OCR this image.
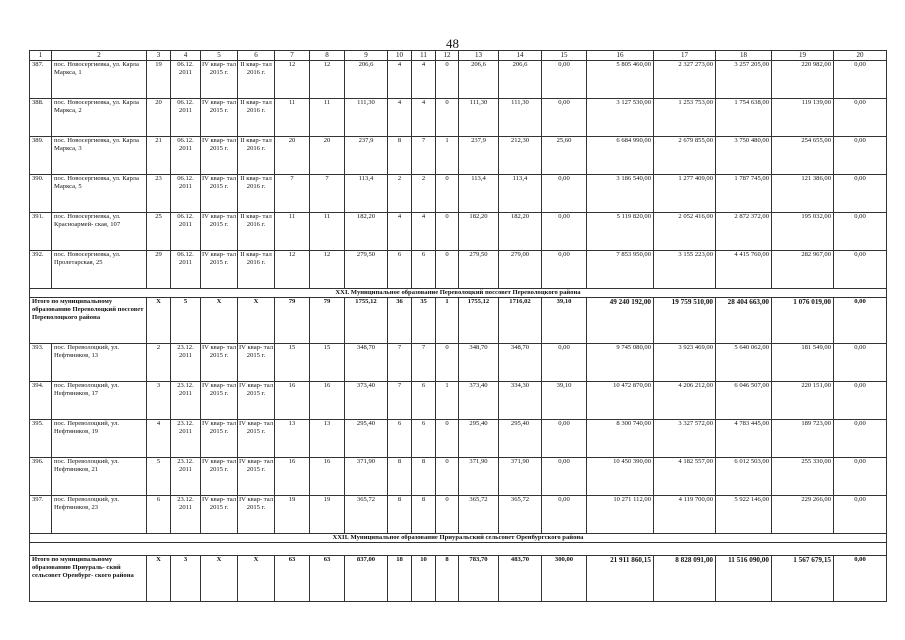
48
1	2	3	4	5	6	7	8	9	10	11	12	13	14	15	16	17	18	19	20
387.	пос. Новосергиевка, ул. Карла Маркса, 1	19	06.12. 2011	IV квар- тал 2015 г.	II квар- тал 2016 г.	12	12	206,6	4	4	0	206,6	206,6	0,00	5 805 460,00	2 327 273,00	3 257 205,00	220 982,00	0,00
388.	пос. Новосергиевка, ул. Карла Маркса, 2	20	06.12. 2011	IV квар- тал 2015 г.	II квар- тал 2016 г.	11	11	111,30	4	4	0	111,30	111,30	0,00	3 127 530,00	1 253 753,00	1 754 638,00	119 139,00	0,00
389.	пос. Новосергиевка, ул. Карла Маркса, 3	21	06.12. 2011	IV квар- тал 2015 г.	II квар- тал 2016 г.	20	20	237,9	8	7	1	237,9	212,30	25,60	6 684 990,00	2 679 855,00	3 750 480,00	254 655,00	0,00
390.	пос. Новосергиевка, ул. Карла Маркса, 5	23	06.12. 2011	IV квар- тал 2015 г.	II квар- тал 2016 г.	7	7	113,4	2	2	0	113,4	113,4	0,00	3 186 540,00	1 277 409,00	1 787 745,00	121 386,00	0,00
391.	пос. Новосергиевка, ул. Красноармей- ская, 107	25	06.12. 2011	IV квар- тал 2015 г.	II квар- тал 2016 г.	11	11	182,20	4	4	0	182,20	182,20	0,00	5 119 820,00	2 052 416,00	2 872 372,00	195 032,00	0,00
392.	пос. Новосергиевка, ул. Пролетарская, 25	29	06.12. 2011	IV квар- тал 2015 г.	II квар- тал 2016 г.	12	12	279,50	6	6	0	279,50	279,00	0,00	7 853 950,00	3 155 223,00	4 415 760,00	282 967,00	0,00
XXI. Муниципальное образование Переволоцкий поссовет Переволоцкого района																			
Итого по муниципальному образованию Переволоцкий поссовет Переволоцкого района		X	5	X	X	79	79	1755,12	36	35	1	1755,12	1716,02	39,10	49 240 192,00	19 759 510,00	28 404 663,00	1 076 019,00	0,00
393.	пос. Переволоцкий, ул. Нефтяников, 13	2	23.12. 2011	IV квар- тал 2015 г.	IV квар- тал 2015 г.	15	15	348,70	7	7	0	348,70	348,70	0,00	9 745 080,00	3 923 469,00	5 640 062,00	181 549,00	0,00
394.	пос. Переволоцкий, ул. Нефтяников, 17	3	23.12. 2011	IV квар- тал 2015 г.	IV квар- тал 2015 г.	16	16	373,40	7	6	1	373,40	334,30	39,10	10 472 870,00	4 206 212,00	6 046 507,00	220 151,00	0,00
395.	пос. Переволоцкий, ул. Нефтяников, 19	4	23.12. 2011	IV квар- тал 2015 г.	IV квар- тал 2015 г.	13	13	295,40	6	6	0	295,40	295,40	0,00	8 300 740,00	3 327 572,00	4 783 445,00	189 723,00	0,00
396.	пос. Переволоцкий, ул. Нефтяников, 21	5	23.12. 2011	IV квар- тал 2015 г.	IV квар- тал 2015 г.	16	16	371,90	8	8	0	371,90	371,90	0,00	10 450 390,00	4 182 557,00	6 012 503,00	255 330,00	0,00
397.	пос. Переволоцкий, ул. Нефтяников, 23	6	23.12. 2011	IV квар- тал 2015 г.	IV квар- тал 2015 г.	19	19	365,72	8	8	0	365,72	365,72	0,00	10 271 112,00	4 119 700,00	5 922 146,00	229 266,00	0,00
XXII. Муниципальное образование Приуральский сельсовет Оренбургского района																			

Итого по муниципальному образованию Приураль- ский сельсовет Оренбург- ского района		X	3	X	X	63	63	837,00	18	10	8	783,70	483,70	300,00	21 911 860,15	8 828 091,00	11 516 090,00	1 567 679,15	0,00
